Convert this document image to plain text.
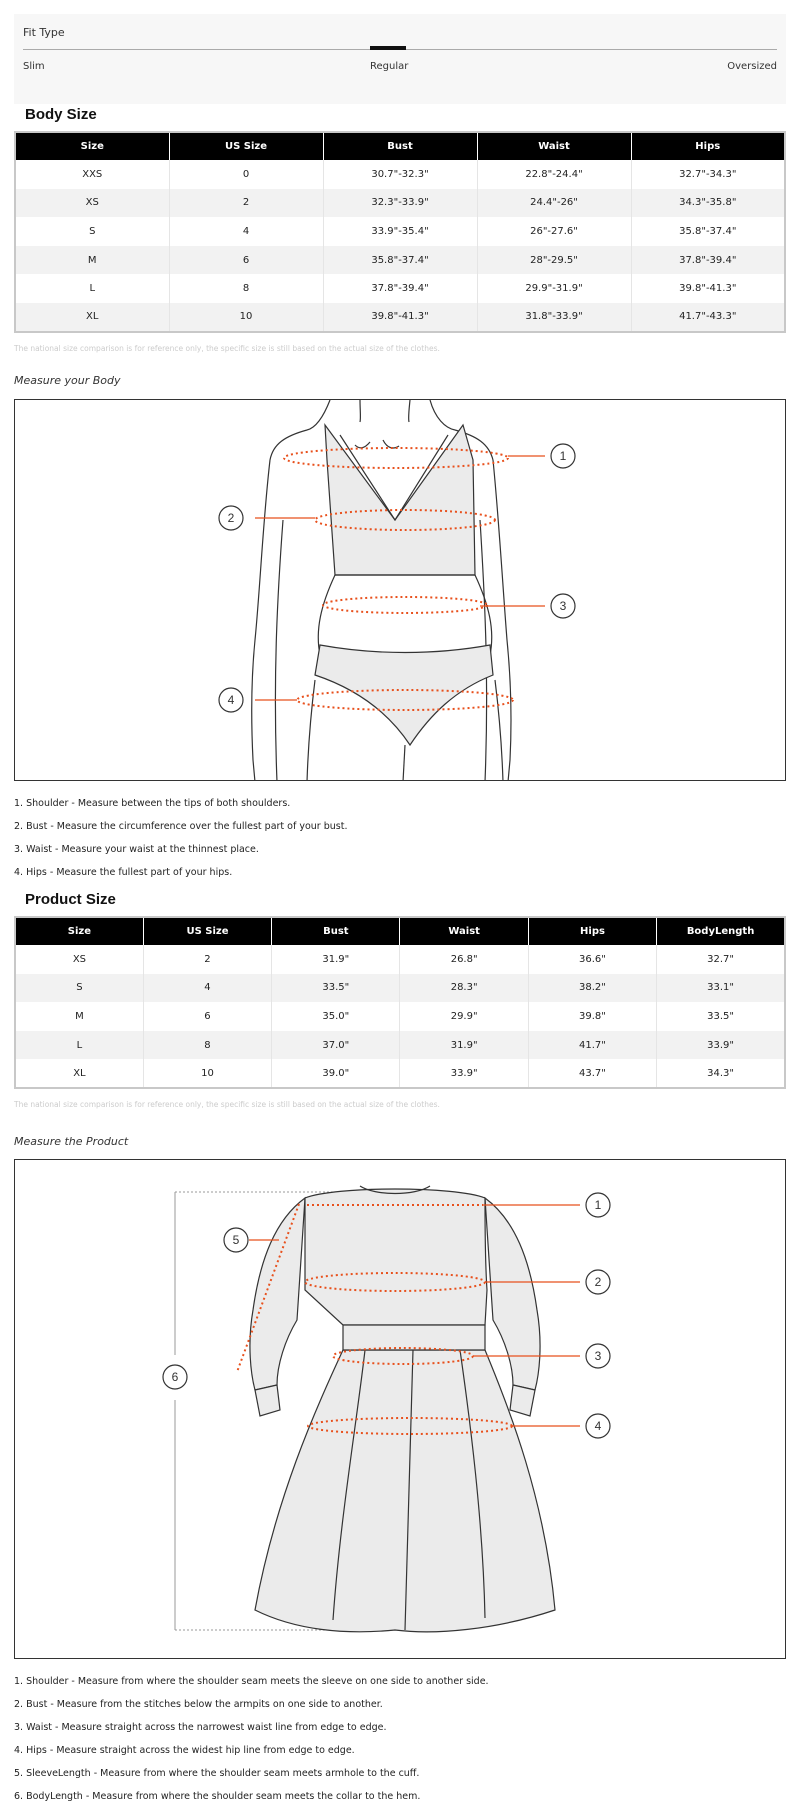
Fit Type
Slim	Regular	Oversized
Body Size
Size	US Size	Bust	Waist	Hips
XXS	0	30.7"-32.3"	22.8"-24.4"	32.7"-34.3"
XS	2	32.3"-33.9"	24.4"-26"	34.3"-35.8"
S	4	33.9"-35.4"	26"-27.6"	35.8"-37.4"
M	6	35.8"-37.4"	28"-29.5"	37.8"-39.4"
L	8	37.8"-39.4"	29.9"-31.9"	39.8"-41.3"
XL	10	39.8"-41.3"	31.8"-33.9"	41.7"-43.3"
The national size comparison is for reference only, the specific size is still based on the actual size of the clothes.
Measure your Body
1
2
3
4
1. Shoulder - Measure between the tips of both shoulders.
2. Bust - Measure the circumference over the fullest part of your bust.
3. Waist - Measure your waist at the thinnest place.
4. Hips - Measure the fullest part of your hips.
Product Size
Size	US Size	Bust	Waist	Hips	BodyLength
XS	2	31.9"	26.8"	36.6"	32.7"
S	4	33.5"	28.3"	38.2"	33.1"
M	6	35.0"	29.9"	39.8"	33.5"
L	8	37.0"	31.9"	41.7"	33.9"
XL	10	39.0"	33.9"	43.7"	34.3"
The national size comparison is for reference only, the specific size is still based on the actual size of the clothes.
Measure the Product
1
2
3
4
5
6
1. Shoulder - Measure from where the shoulder seam meets the sleeve on one side to another side.
2. Bust - Measure from the stitches below the armpits on one side to another.
3. Waist - Measure straight across the narrowest waist line from edge to edge.
4. Hips - Measure straight across the widest hip line from edge to edge.
5. SleeveLength - Measure from where the shoulder seam meets armhole to the cuff.
6. BodyLength - Measure from where the shoulder seam meets the collar to the hem.
